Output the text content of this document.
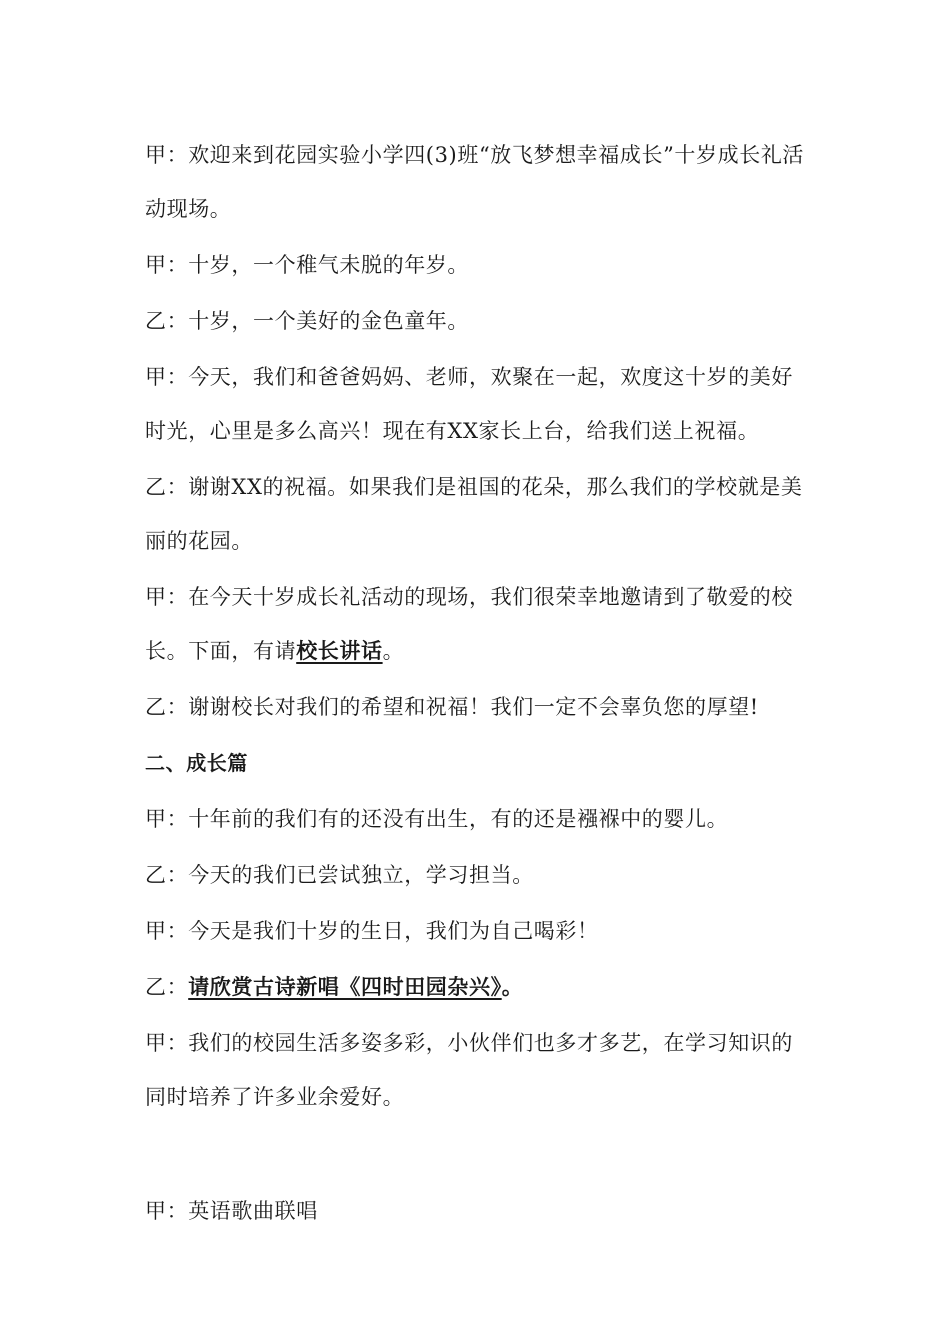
甲：欢迎来到花园实验小学四(3)班“放飞梦想幸福成长”十岁成长礼活动现场。

甲：十岁，一个稚气未脱的年岁。

乙：十岁，一个美好的金色童年。

甲：今天，我们和爸爸妈妈、老师，欢聚在一起，欢度这十岁的美好时光，心里是多么高兴！现在有XX家长上台，给我们送上祝福。

乙：谢谢XX的祝福。如果我们是祖国的花朵，那么我们的学校就是美丽的花园。

甲：在今天十岁成长礼活动的现场，我们很荣幸地邀请到了敬爱的校长。下面，有请校长讲话。

乙：谢谢校长对我们的希望和祝福！我们一定不会辜负您的厚望!

二、成长篇

甲：十年前的我们有的还没有出生，有的还是襁褓中的婴儿。

乙：今天的我们已尝试独立，学习担当。

甲：今天是我们十岁的生日，我们为自己喝彩！

乙：请欣赏古诗新唱《四时田园杂兴》。

甲：我们的校园生活多姿多彩，小伙伴们也多才多艺，在学习知识的同时培养了许多业余爱好。

甲：英语歌曲联唱
